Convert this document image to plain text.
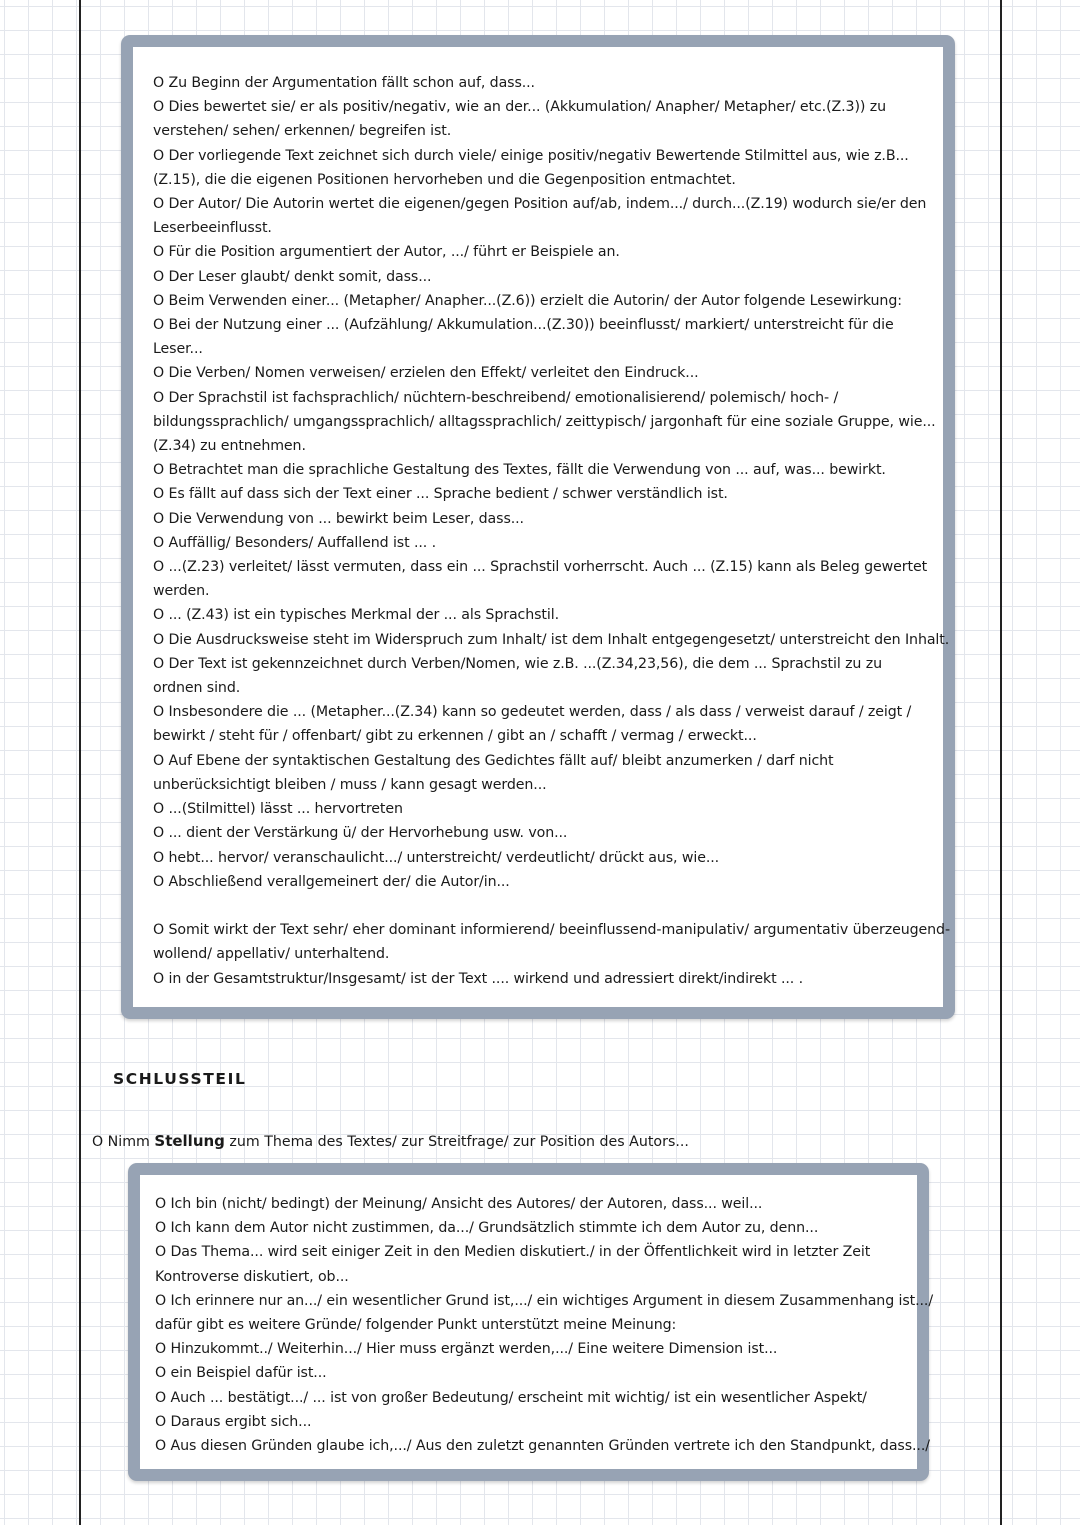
O Zu Beginn der Argumentation fällt schon auf, dass...
O Dies bewertet sie/ er als positiv/negativ, wie an der... (Akkumulation/ Anapher/ Metapher/ etc.(Z.3)) zu
verstehen/ sehen/ erkennen/ begreifen ist.
O Der vorliegende Text zeichnet sich durch viele/ einige positiv/negativ Bewertende Stilmittel aus, wie z.B...
(Z.15), die die eigenen Positionen hervorheben und die Gegenposition entmachtet.
O Der Autor/ Die Autorin wertet die eigenen/gegen Position auf/ab, indem.../ durch...(Z.19) wodurch sie/er den
Leserbeeinflusst.
O Für die Position argumentiert der Autor, .../ führt er Beispiele an.
O Der Leser glaubt/ denkt somit, dass...
O Beim Verwenden einer... (Metapher/ Anapher...(Z.6)) erzielt die Autorin/ der Autor folgende Lesewirkung:
O Bei der Nutzung einer ... (Aufzählung/ Akkumulation...(Z.30)) beeinflusst/ markiert/ unterstreicht für die
Leser...
O Die Verben/ Nomen verweisen/ erzielen den Effekt/ verleitet den Eindruck...
O Der Sprachstil ist fachsprachlich/ nüchtern-beschreibend/ emotionalisierend/ polemisch/ hoch- /
bildungssprachlich/ umgangssprachlich/ alltagssprachlich/ zeittypisch/ jargonhaft für eine soziale Gruppe, wie...
(Z.34) zu entnehmen.
O Betrachtet man die sprachliche Gestaltung des Textes, fällt die Verwendung von ... auf, was... bewirkt.
O Es fällt auf dass sich der Text einer ... Sprache bedient / schwer verständlich ist.
O Die Verwendung von ... bewirkt beim Leser, dass...
O Auffällig/ Besonders/ Auffallend ist ... .
O ...(Z.23) verleitet/ lässt vermuten, dass ein ... Sprachstil vorherrscht. Auch ... (Z.15) kann als Beleg gewertet
werden.
O ... (Z.43) ist ein typisches Merkmal der ... als Sprachstil.
O Die Ausdrucksweise steht im Widerspruch zum Inhalt/ ist dem Inhalt entgegengesetzt/ unterstreicht den Inhalt.
O Der Text ist gekennzeichnet durch Verben/Nomen, wie z.B. ...(Z.34,23,56), die dem ... Sprachstil zu zu
ordnen sind.
O Insbesondere die ... (Metapher...(Z.34) kann so gedeutet werden, dass / als dass / verweist darauf / zeigt /
bewirkt / steht für / offenbart/ gibt zu erkennen / gibt an / schafft / vermag / erweckt...
O Auf Ebene der syntaktischen Gestaltung des Gedichtes fällt auf/ bleibt anzumerken / darf nicht
unberücksichtigt bleiben / muss / kann gesagt werden...
O ...(Stilmittel) lässt ... hervortreten
O ... dient der Verstärkung ü/ der Hervorhebung usw. von...
O hebt... hervor/ veranschaulicht.../ unterstreicht/ verdeutlicht/ drückt aus, wie...
O Abschließend verallgemeinert der/ die Autor/in...
O Somit wirkt der Text sehr/ eher dominant informierend/ beeinflussend-manipulativ/ argumentativ überzeugend-
wollend/ appellativ/ unterhaltend.
O in der Gesamtstruktur/Insgesamt/ ist der Text .... wirkend und adressiert direkt/indirekt ... .
SCHLUSSTEIL
O Nimm Stellung zum Thema des Textes/ zur Streitfrage/ zur Position des Autors...
O Ich bin (nicht/ bedingt) der Meinung/ Ansicht des Autores/ der Autoren, dass... weil...
O Ich kann dem Autor nicht zustimmen, da.../ Grundsätzlich stimmte ich dem Autor zu, denn...
O Das Thema... wird seit einiger Zeit in den Medien diskutiert./ in der Öffentlichkeit wird in letzter Zeit
Kontroverse diskutiert, ob...
O Ich erinnere nur an.../ ein wesentlicher Grund ist,.../ ein wichtiges Argument in diesem Zusammenhang ist.../
dafür gibt es weitere Gründe/ folgender Punkt unterstützt meine Meinung:
O Hinzukommt../ Weiterhin.../ Hier muss ergänzt werden,.../ Eine weitere Dimension ist...
O ein Beispiel dafür ist...
O Auch ... bestätigt.../ ... ist von großer Bedeutung/ erscheint mit wichtig/ ist ein wesentlicher Aspekt/
O Daraus ergibt sich...
O Aus diesen Gründen glaube ich,.../ Aus den zuletzt genannten Gründen vertrete ich den Standpunkt, dass.../
